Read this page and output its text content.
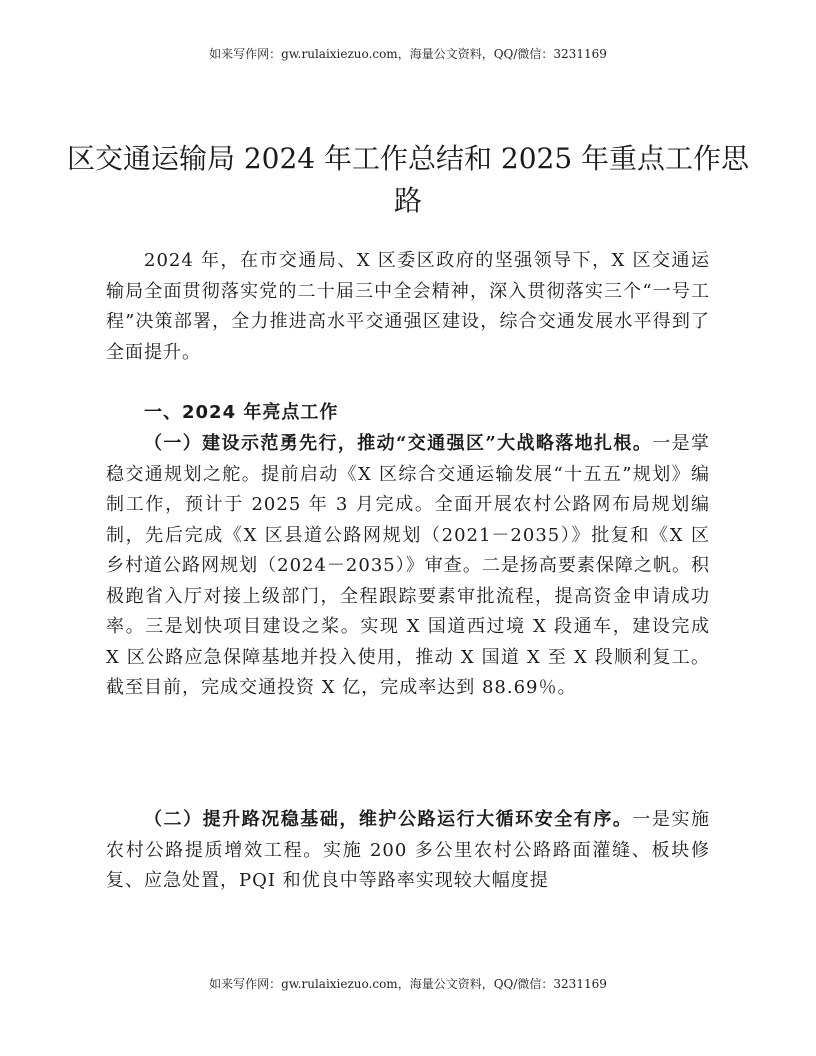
如来写作网：gw.rulaixiezuo.com，海量公文资料，QQ/微信：3231169
区交通运输局 2024 年工作总结和 2025 年重点工作思路

2024 年，在市交通局、X 区委区政府的坚强领导下，X 区交通运输局全面贯彻落实党的二十届三中全会精神，深入贯彻落实三个“一号工程”决策部署，全力推进高水平交通强区建设，综合交通发展水平得到了全面提升。

一、2024 年亮点工作

（一）建设示范勇先行，推动“交通强区”大战略落地扎根。一是掌稳交通规划之舵。提前启动《X 区综合交通运输发展“十五五”规划》编制工作，预计于 2025 年 3 月完成。全面开展农村公路网布局规划编制，先后完成《X 区县道公路网规划（2021－2035）》批复和《X 区乡村道公路网规划（2024－2035）》审查。二是扬高要素保障之帆。积极跑省入厅对接上级部门，全程跟踪要素审批流程，提高资金申请成功率。三是划快项目建设之桨。实现 X 国道西过境 X 段通车，建设完成 X 区公路应急保障基地并投入使用，推动 X 国道 X 至 X 段顺利复工。截至目前，完成交通投资 X 亿，完成率达到 88.69％。

（二）提升路况稳基础，维护公路运行大循环安全有序。一是实施农村公路提质增效工程。实施 200 多公里农村公路路面灌缝、板块修复、应急处置，PQI 和优良中等路率实现较大幅度提

如来写作网：gw.rulaixiezuo.com，海量公文资料，QQ/微信：3231169
